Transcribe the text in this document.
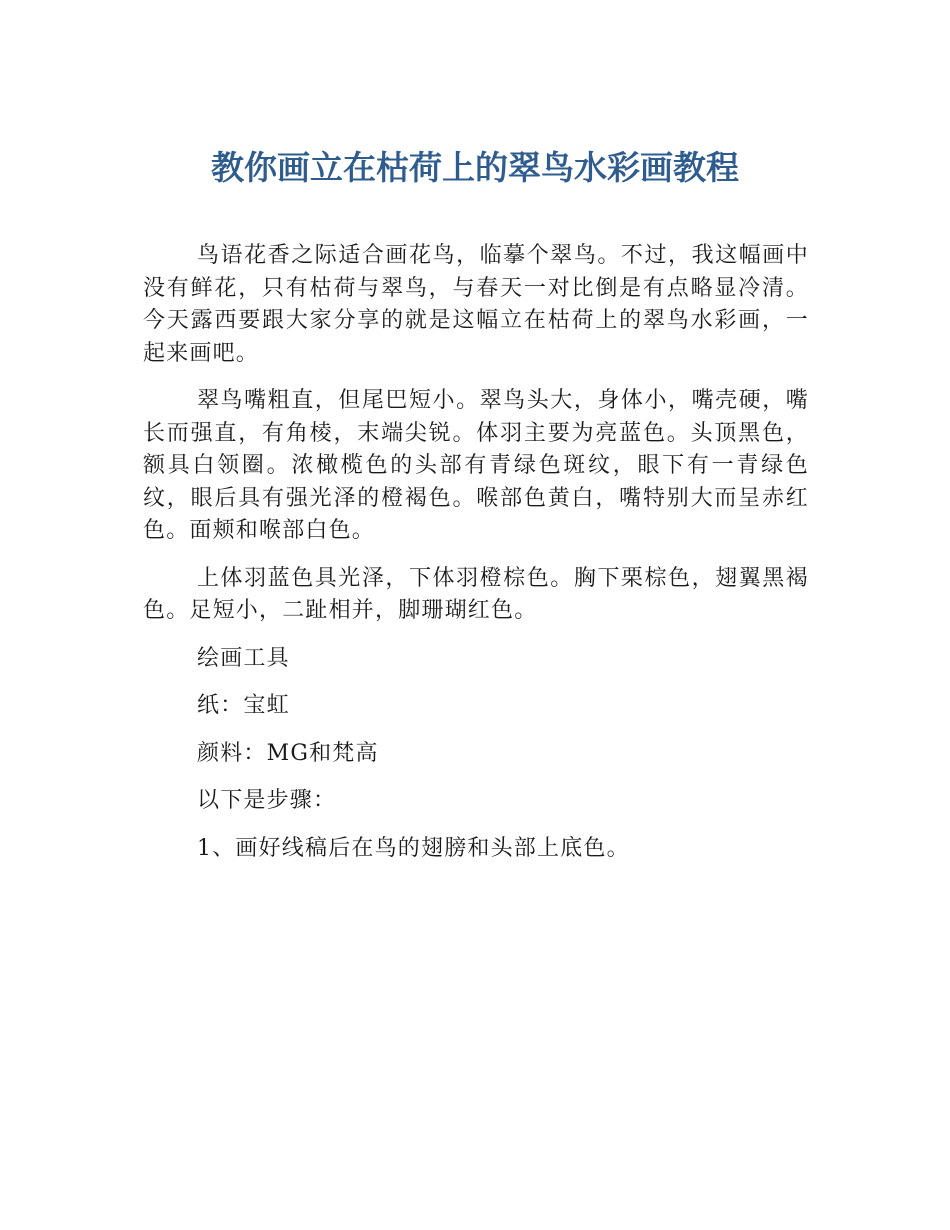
教你画立在枯荷上的翠鸟水彩画教程

鸟语花香之际适合画花鸟，临摹个翠鸟。不过，我这幅画中没有鲜花，只有枯荷与翠鸟，与春天一对比倒是有点略显冷清。今天露西要跟大家分享的就是这幅立在枯荷上的翠鸟水彩画，一起来画吧。

翠鸟嘴粗直，但尾巴短小。翠鸟头大，身体小，嘴壳硬，嘴长而强直，有角棱，末端尖锐。体羽主要为亮蓝色。头顶黑色，额具白领圈。浓橄榄色的头部有青绿色斑纹，眼下有一青绿色纹，眼后具有强光泽的橙褐色。喉部色黄白，嘴特别大而呈赤红色。面颊和喉部白色。

上体羽蓝色具光泽，下体羽橙棕色。胸下栗棕色，翅翼黑褐色。足短小，二趾相并，脚珊瑚红色。

绘画工具

纸：宝虹

颜料：MG和梵高

以下是步骤：

1、画好线稿后在鸟的翅膀和头部上底色。
